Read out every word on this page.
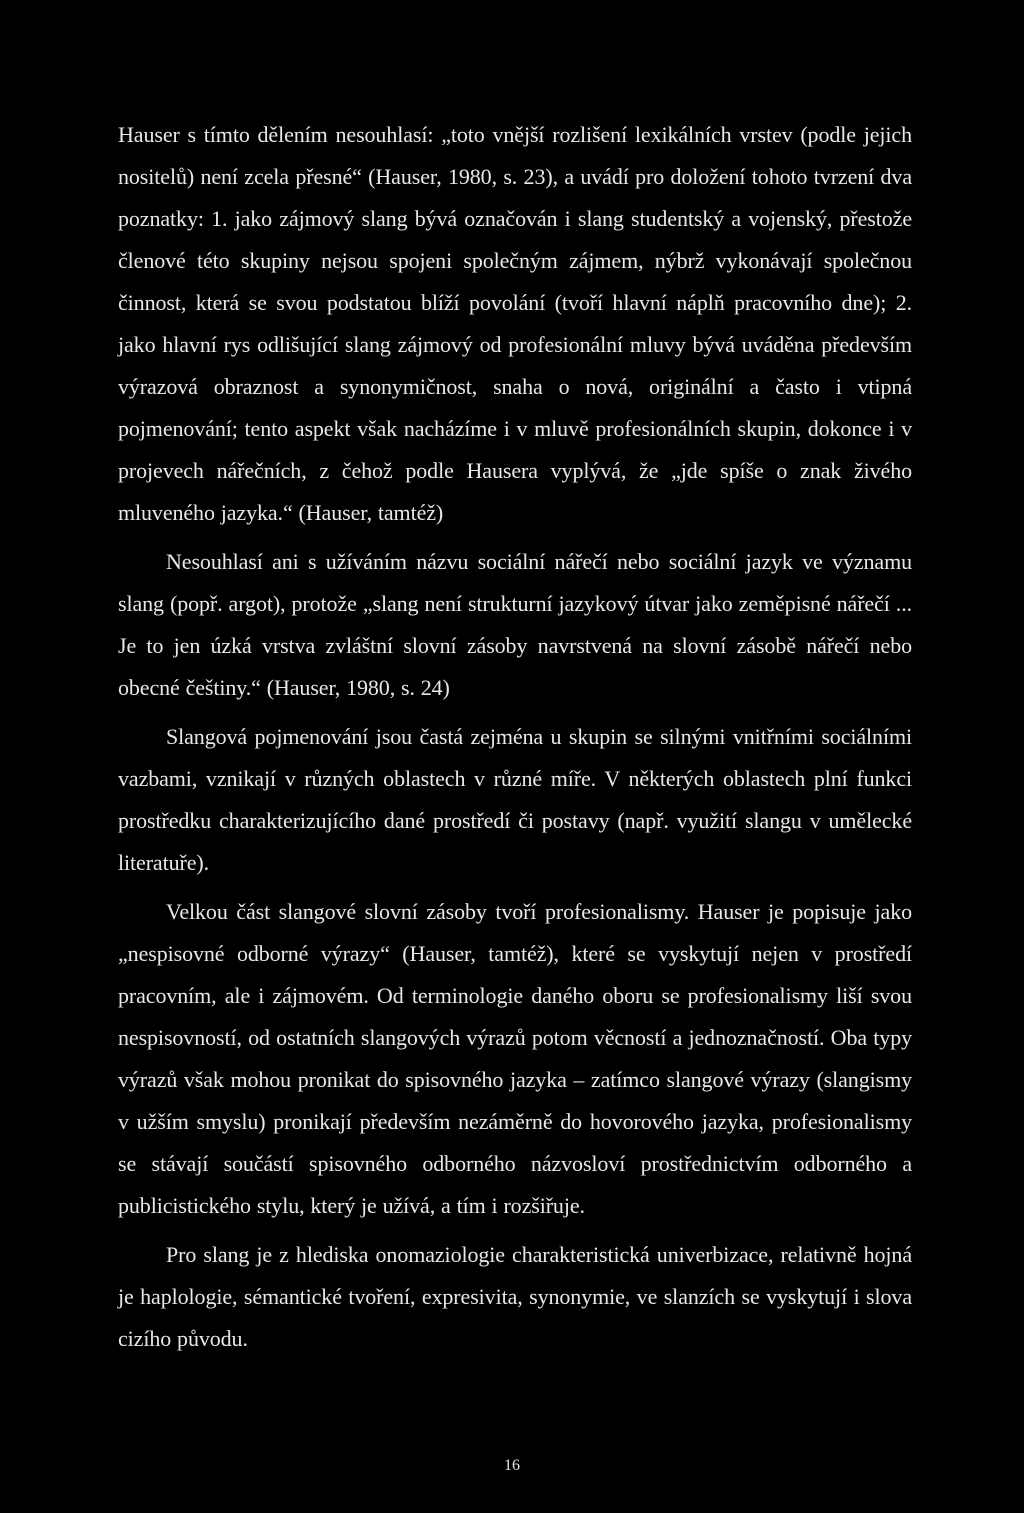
Hauser s tímto dělením nesouhlasí: „toto vnější rozlišení lexikálních vrstev (podle jejich nositelů) není zcela přesné“ (Hauser, 1980, s. 23), a uvádí pro doložení tohoto tvrzení dva poznatky: 1. jako zájmový slang bývá označován i slang studentský a vojenský, přestože členové této skupiny nejsou spojeni společným zájmem, nýbrž vykonávají společnou činnost, která se svou podstatou blíží povolání (tvoří hlavní náplň pracovního dne); 2. jako hlavní rys odlišující slang zájmový od profesionální mluvy bývá uváděna především výrazová obraznost a synonymičnost, snaha o nová, originální a často i vtipná pojmenování; tento aspekt však nacházíme i v mluvě profesionálních skupin, dokonce i v projevech nářečních, z čehož podle Hausera vyplývá, že „jde spíše o znak živého mluveného jazyka.“ (Hauser, tamtéž)

Nesouhlasí ani s užíváním názvu sociální nářečí nebo sociální jazyk ve významu slang (popř. argot), protože „slang není strukturní jazykový útvar jako zeměpisné nářečí ... Je to jen úzká vrstva zvláštní slovní zásoby navrstvená na slovní zásobě nářečí nebo obecné češtiny.“ (Hauser, 1980, s. 24)

Slangová pojmenování jsou častá zejména u skupin se silnými vnitřními sociálními vazbami, vznikají v různých oblastech v různé míře. V některých oblastech plní funkci prostředku charakterizujícího dané prostředí či postavy (např. využití slangu v umělecké literatuře).

Velkou část slangové slovní zásoby tvoří profesionalismy. Hauser je popisuje jako „nespisovné odborné výrazy“ (Hauser, tamtéž), které se vyskytují nejen v prostředí pracovním, ale i zájmovém. Od terminologie daného oboru se profesionalismy liší svou nespisovností, od ostatních slangových výrazů potom věcností a jednoznačností. Oba typy výrazů však mohou pronikat do spisovného jazyka – zatímco slangové výrazy (slangismy v užším smyslu) pronikají především nezáměrně do hovorového jazyka, profesionalismy se stávají součástí spisovného odborného názvosloví prostřednictvím odborného a publicistického stylu, který je užívá, a tím i rozšiřuje.

Pro slang je z hlediska onomaziologie charakteristická univerbizace, relativně hojná je haplologie, sémantické tvoření, expresivita, synonymie, ve slanzích se vyskytují i slova cizího původu.

16
